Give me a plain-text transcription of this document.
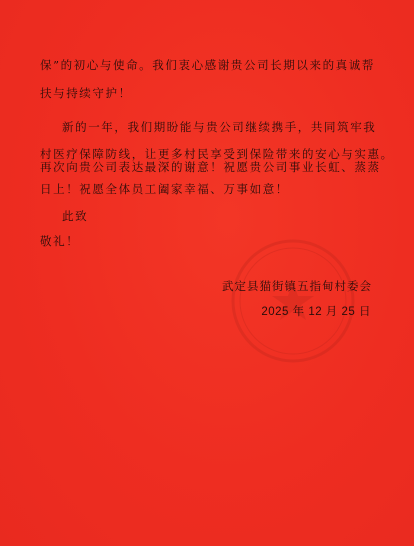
保”的初心与使命。我们衷心感谢贵公司长期以来的真诚帮
扶与持续守护！
新的一年，我们期盼能与贵公司继续携手，共同筑牢我
村医疗保障防线，让更多村民享受到保险带来的安心与实惠。
再次向贵公司表达最深的谢意！祝愿贵公司事业长虹、蒸蒸
日上！祝愿全体员工阖家幸福、万事如意！
此致
敬礼！
武定县猫街镇五指甸村委会
2025 年 12 月 25 日
